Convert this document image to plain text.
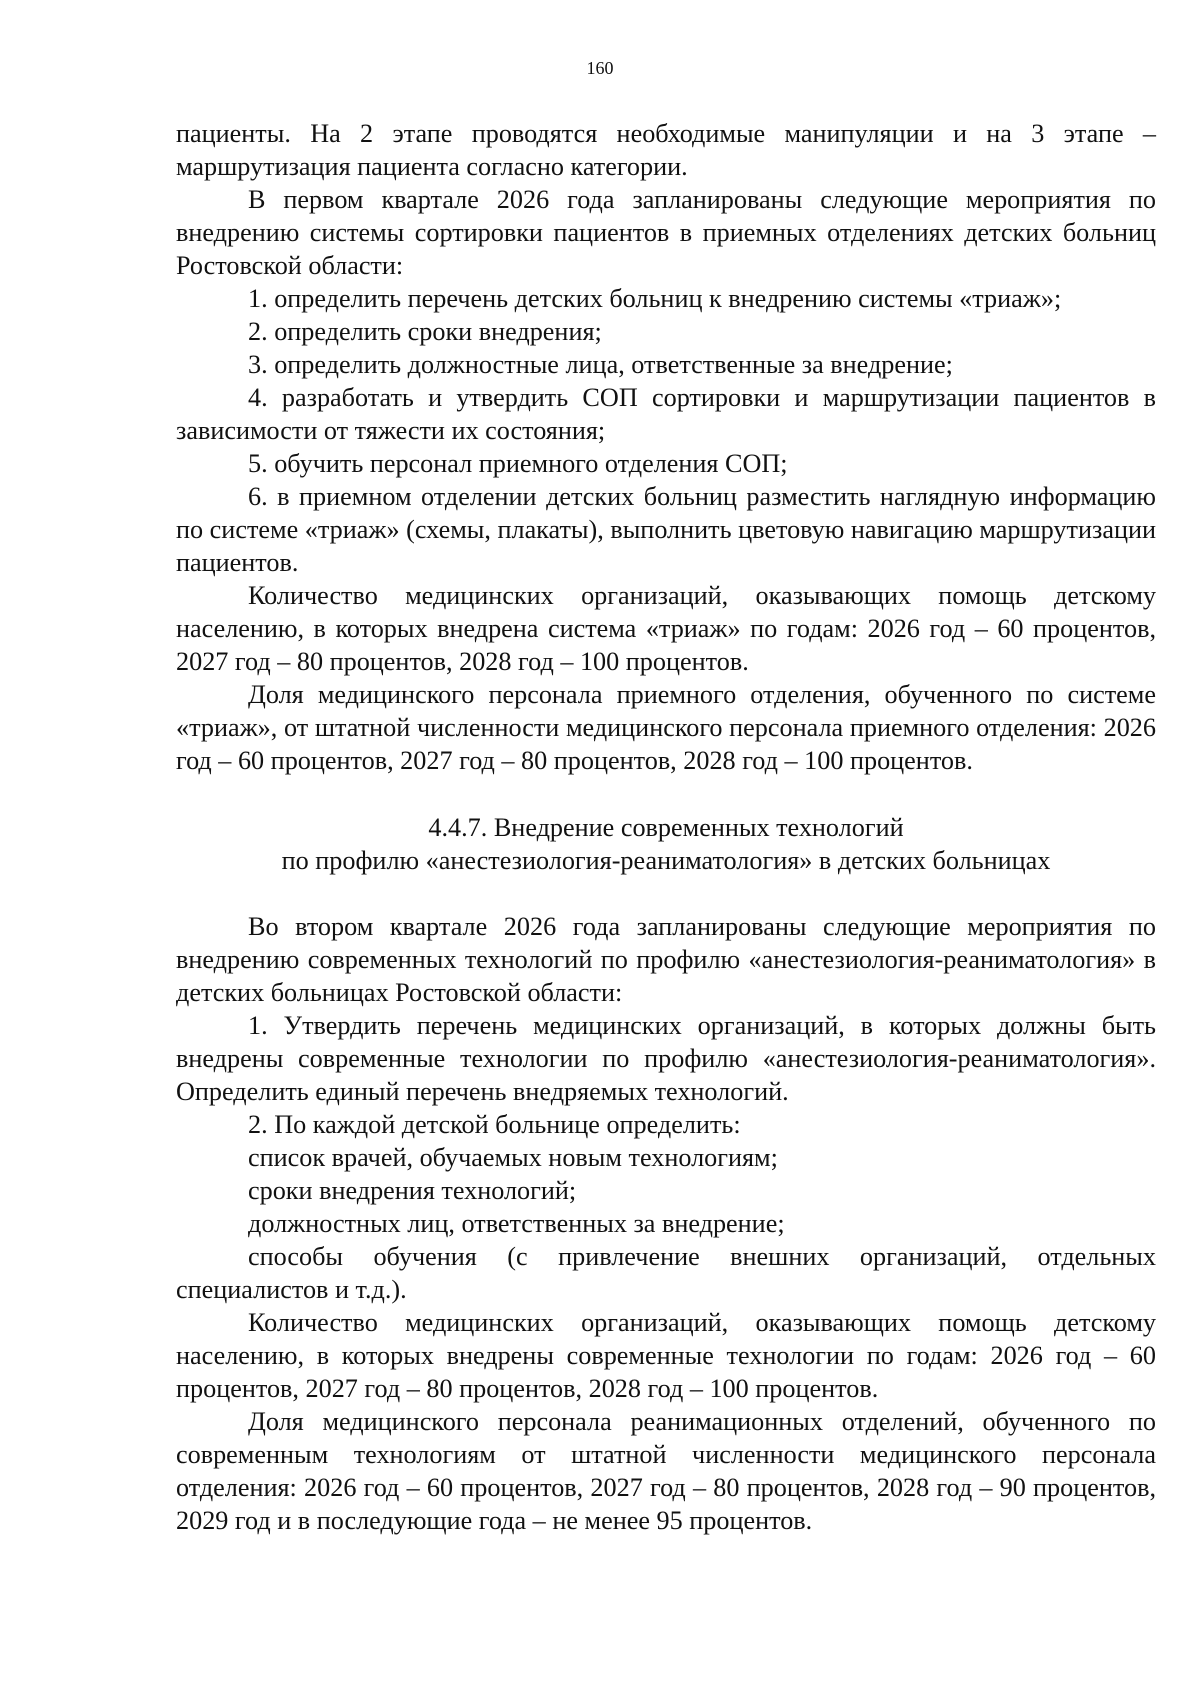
160

пациенты. На 2 этапе проводятся необходимые манипуляции и на 3 этапе – маршрутизация пациента согласно категории.

В первом квартале 2026 года запланированы следующие мероприятия по внедрению системы сортировки пациентов в приемных отделениях детских больниц Ростовской области:

1. определить перечень детских больниц к внедрению системы «триаж»;

2. определить сроки внедрения;

3. определить должностные лица, ответственные за внедрение;

4. разработать и утвердить СОП сортировки и маршрутизации пациентов в зависимости от тяжести их состояния;

5. обучить персонал приемного отделения СОП;

6. в приемном отделении детских больниц разместить наглядную информацию по системе «триаж» (схемы, плакаты), выполнить цветовую навигацию маршрутизации пациентов.

Количество медицинских организаций, оказывающих помощь детскому населению, в которых внедрена система «триаж» по годам: 2026 год – 60 процентов, 2027 год – 80 процентов, 2028 год – 100 процентов.

Доля медицинского персонала приемного отделения, обученного по системе «триаж», от штатной численности медицинского персонала приемного отделения: 2026 год – 60 процентов, 2027 год – 80 процентов, 2028 год – 100 процентов.

4.4.7. Внедрение современных технологий

по профилю «анестезиология-реаниматология» в детских больницах

Во втором квартале 2026 года запланированы следующие мероприятия по внедрению современных технологий по профилю «анестезиология-реаниматология» в детских больницах Ростовской области:

1. Утвердить перечень медицинских организаций, в которых должны быть внедрены современные технологии по профилю «анестезиология-реаниматология». Определить единый перечень внедряемых технологий.

2. По каждой детской больнице определить:

список врачей, обучаемых новым технологиям;

сроки внедрения технологий;

должностных лиц, ответственных за внедрение;

способы обучения (с привлечение внешних организаций, отдельных специалистов и т.д.).

Количество медицинских организаций, оказывающих помощь детскому населению, в которых внедрены современные технологии по годам: 2026 год – 60 процентов, 2027 год – 80 процентов, 2028 год – 100 процентов.

Доля медицинского персонала реанимационных отделений, обученного по современным технологиям от штатной численности медицинского персонала отделения: 2026 год – 60 процентов, 2027 год – 80 процентов, 2028 год – 90 процентов, 2029 год и в последующие года – не менее 95 процентов.
